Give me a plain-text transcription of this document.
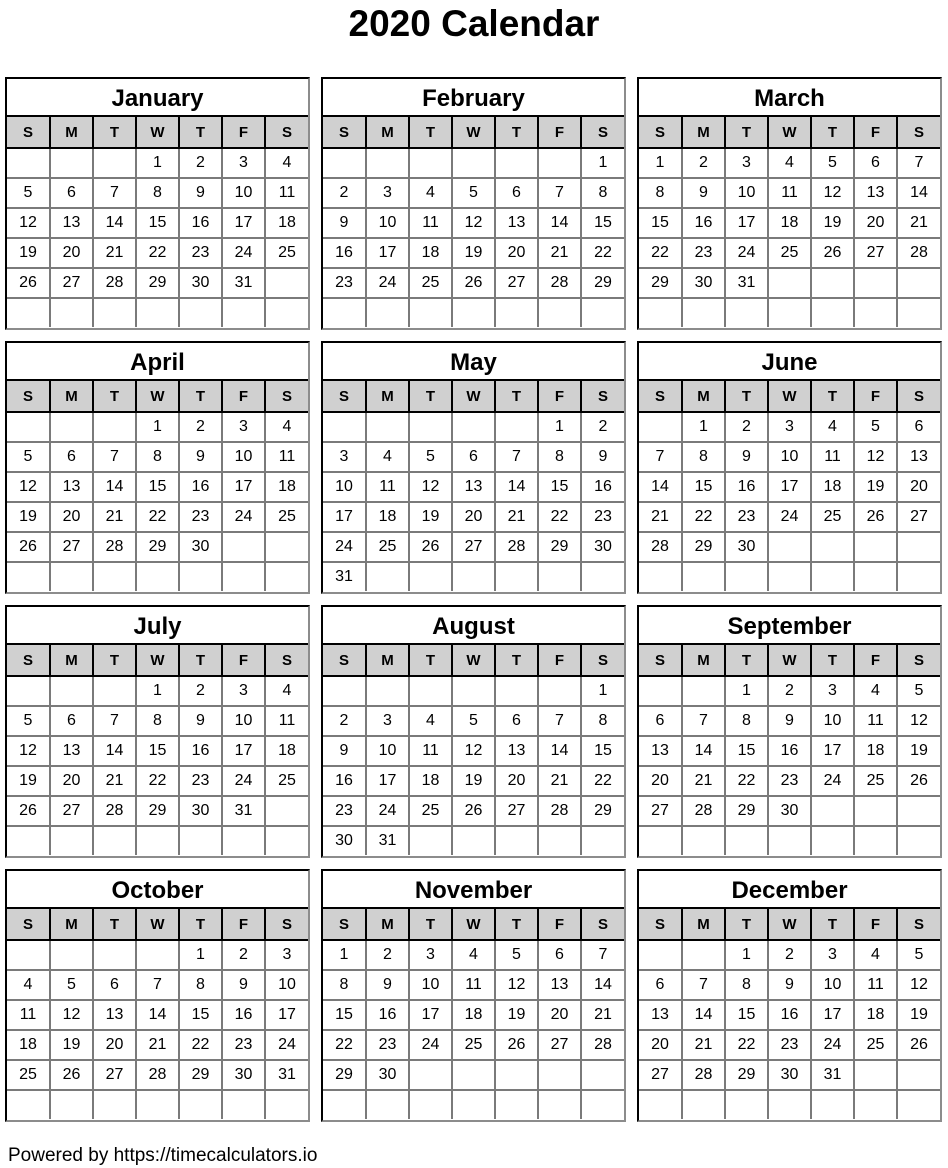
2020 Calendar
January
S	M	T	W	T	F	S
			1	2	3	4
5	6	7	8	9	10	11
12	13	14	15	16	17	18
19	20	21	22	23	24	25
26	27	28	29	30	31	

February
S	M	T	W	T	F	S
						1
2	3	4	5	6	7	8
9	10	11	12	13	14	15
16	17	18	19	20	21	22
23	24	25	26	27	28	29

March
S	M	T	W	T	F	S
1	2	3	4	5	6	7
8	9	10	11	12	13	14
15	16	17	18	19	20	21
22	23	24	25	26	27	28
29	30	31				

April
S	M	T	W	T	F	S
			1	2	3	4
5	6	7	8	9	10	11
12	13	14	15	16	17	18
19	20	21	22	23	24	25
26	27	28	29	30		

May
S	M	T	W	T	F	S
					1	2
3	4	5	6	7	8	9
10	11	12	13	14	15	16
17	18	19	20	21	22	23
24	25	26	27	28	29	30
31						
June
S	M	T	W	T	F	S
	1	2	3	4	5	6
7	8	9	10	11	12	13
14	15	16	17	18	19	20
21	22	23	24	25	26	27
28	29	30				

July
S	M	T	W	T	F	S
			1	2	3	4
5	6	7	8	9	10	11
12	13	14	15	16	17	18
19	20	21	22	23	24	25
26	27	28	29	30	31	

August
S	M	T	W	T	F	S
						1
2	3	4	5	6	7	8
9	10	11	12	13	14	15
16	17	18	19	20	21	22
23	24	25	26	27	28	29
30	31					
September
S	M	T	W	T	F	S
		1	2	3	4	5
6	7	8	9	10	11	12
13	14	15	16	17	18	19
20	21	22	23	24	25	26
27	28	29	30			

October
S	M	T	W	T	F	S
				1	2	3
4	5	6	7	8	9	10
11	12	13	14	15	16	17
18	19	20	21	22	23	24
25	26	27	28	29	30	31

November
S	M	T	W	T	F	S
1	2	3	4	5	6	7
8	9	10	11	12	13	14
15	16	17	18	19	20	21
22	23	24	25	26	27	28
29	30					

December
S	M	T	W	T	F	S
		1	2	3	4	5
6	7	8	9	10	11	12
13	14	15	16	17	18	19
20	21	22	23	24	25	26
27	28	29	30	31		

Powered by https://timecalculators.io
